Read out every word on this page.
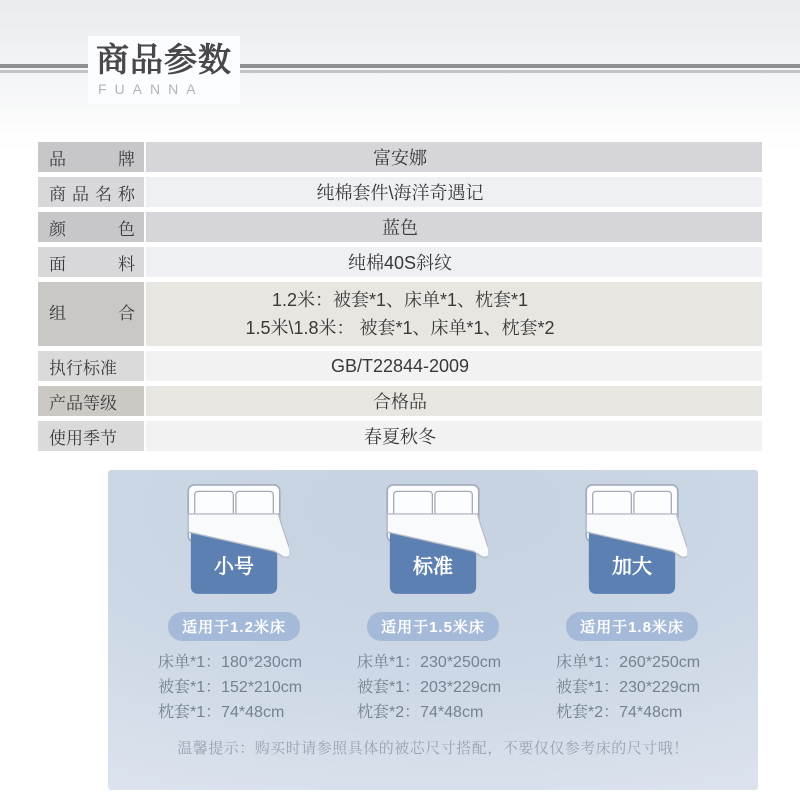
商品参数
FUANNA
品牌	富安娜
商品名称	纯棉套件\海洋奇遇记
颜色	蓝色
面料	纯棉40S斜纹
组合
1.2米：被套*1、床单*1、枕套*1
1.5米\1.8米： 被套*1、床单*1、枕套*2
执行标准	GB/T22844-2009
产品等级	合格品
使用季节	春夏秋冬
小号
适用于1.2米床
床单*1：180*230cm
被套*1：152*210cm
枕套*1：74*48cm
标准
适用于1.5米床
床单*1：230*250cm
被套*1：203*229cm
枕套*2：74*48cm
加大
适用于1.8米床
床单*1：260*250cm
被套*1：230*229cm
枕套*2：74*48cm
温馨提示：购买时请参照具体的被芯尺寸搭配，不要仅仅参考床的尺寸哦！
